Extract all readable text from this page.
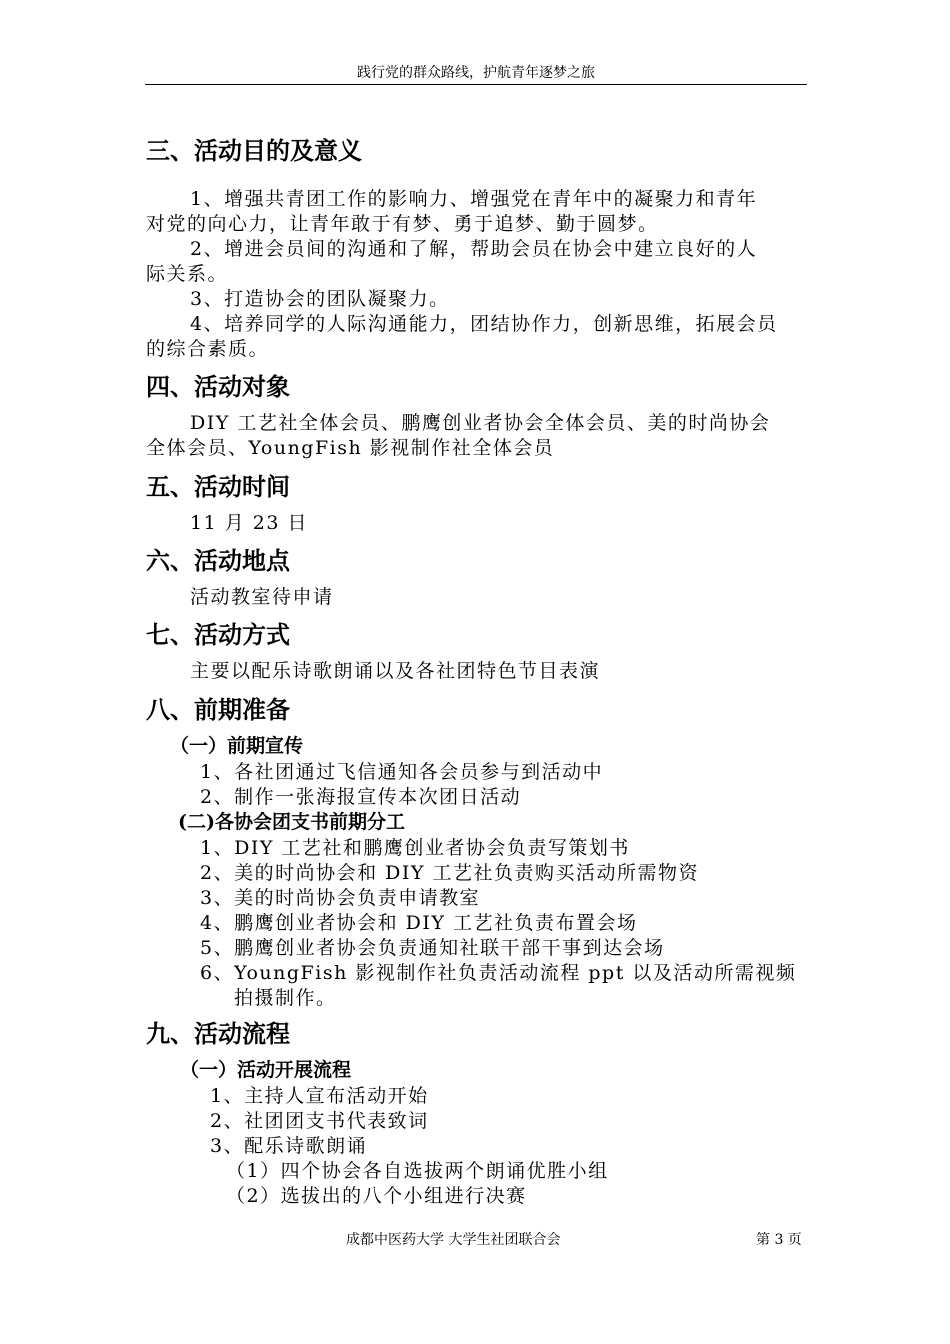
践行党的群众路线，护航青年逐梦之旅
三、活动目的及意义
1、增强共青团工作的影响力、增强党在青年中的凝聚力和青年
对党的向心力，让青年敢于有梦、勇于追梦、勤于圆梦。
2、增进会员间的沟通和了解，帮助会员在协会中建立良好的人
际关系。
3、打造协会的团队凝聚力。
4、培养同学的人际沟通能力，团结协作力，创新思维，拓展会员
的综合素质。
四、活动对象
DIY 工艺社全体会员、鹏鹰创业者协会全体会员、美的时尚协会
全体会员、YoungFish 影视制作社全体会员
五、活动时间
11 月 23 日
六、活动地点
活动教室待申请
七、活动方式
主要以配乐诗歌朗诵以及各社团特色节目表演
八、前期准备
（一）前期宣传
1、各社团通过飞信通知各会员参与到活动中
2、制作一张海报宣传本次团日活动
(二)各协会团支书前期分工
1、DIY 工艺社和鹏鹰创业者协会负责写策划书
2、美的时尚协会和 DIY 工艺社负责购买活动所需物资
3、美的时尚协会负责申请教室
4、鹏鹰创业者协会和 DIY 工艺社负责布置会场
5、鹏鹰创业者协会负责通知社联干部干事到达会场
6、YoungFish 影视制作社负责活动流程 ppt 以及活动所需视频
拍摄制作。
九、活动流程
（一）活动开展流程
1、主持人宣布活动开始
2、社团团支书代表致词
3、配乐诗歌朗诵
（1）四个协会各自选拔两个朗诵优胜小组
（2）选拔出的八个小组进行决赛
成都中医药大学 大学生社团联合会	第 3 页
